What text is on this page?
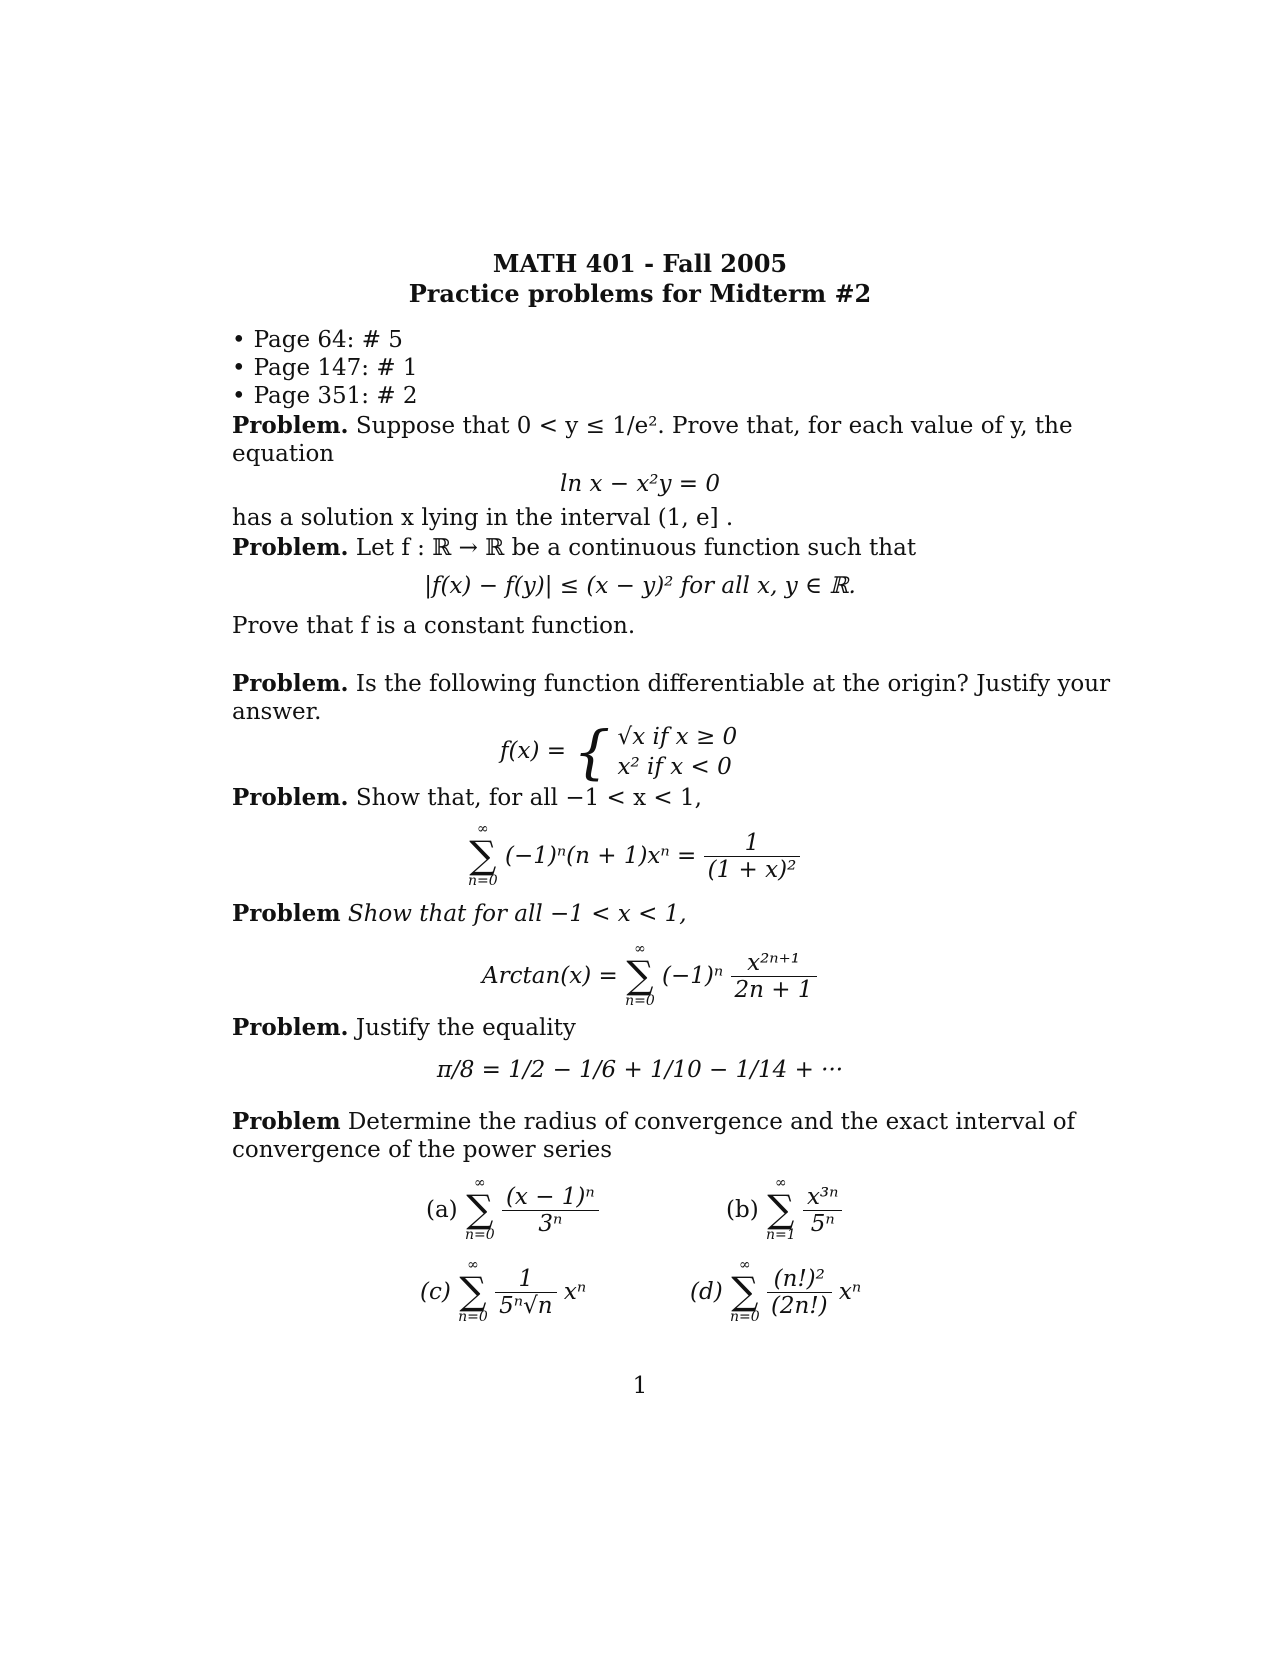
MATH 401 - Fall 2005
Practice problems for Midterm #2
• Page 64: # 5
• Page 147: # 1
• Page 351: # 2
Problem. Suppose that 0 < y ≤ 1/e². Prove that, for each value of y, the
equation
ln x − x²y = 0
has a solution x lying in the interval (1, e] .
Problem. Let f : ℝ → ℝ be a continuous function such that
|f(x) − f(y)| ≤ (x − y)² for all x, y ∈ ℝ.
Prove that f is a constant function.
Problem. Is the following function differentiable at the origin? Justify your
answer.
f(x) = { √x if x ≥ 0
x² if x < 0
Problem. Show that, for all −1 < x < 1,
∞
∑
n=0
$(-1)^n(n + 1)x^n = \frac{1}{\text{(1 + x)²}}$
Problem Show that for all −1 < x < 1,
Arctan(x) =
∞
∑
n=0
$(-1)^n \frac{\text{x²ⁿ⁺¹}}{2n + 1}$
Problem. Justify the equality
π/8 = 1/2 − 1/6 + 1/10 − 1/14 + ···
Problem Determine the radius of convergence and the exact interval of
convergence of the power series
(a)
∞
∑
n=0
$\frac{\text{(x − 1)ⁿ}}{\text{3ⁿ}}$	(b)
∞
∑
n=1
$\frac{\text{x³ⁿ}}{\text{5ⁿ}}$
(c)
∞
∑
n=0
$\frac{1}{\text{5ⁿ√n}}$ xⁿ	(d)
∞
∑
n=0
$\frac{\text{(n!)²}}{(2n!)}$ xⁿ
1
